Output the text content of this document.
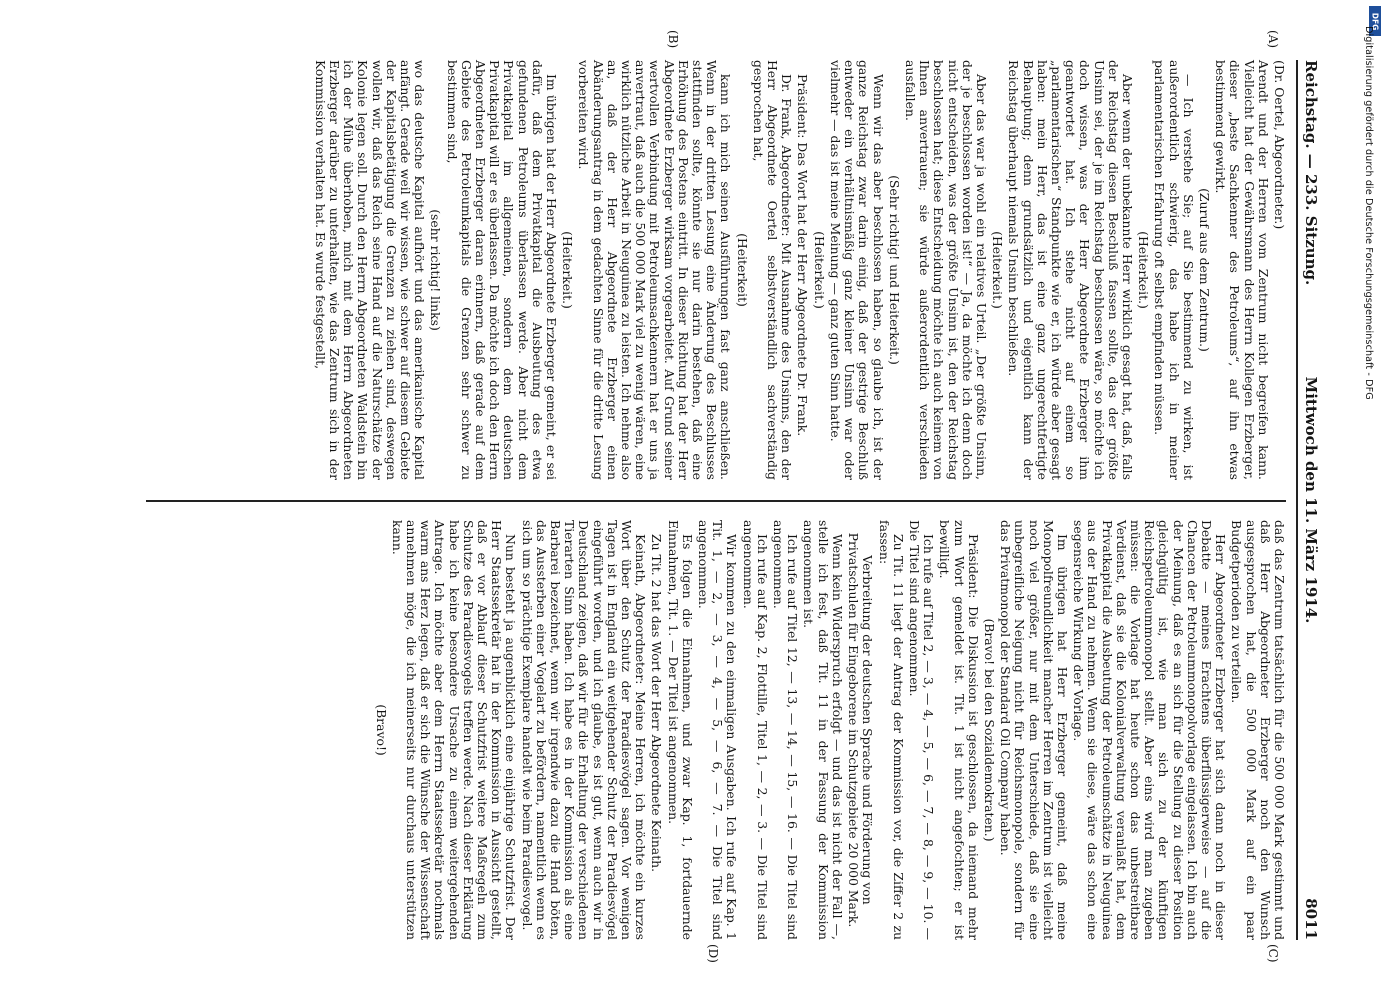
Mittwoch den 11. März 1914.
Reichstag. — 233. Sitzung.
8011
(A)
(B)
(C)
(D)
(Dr. Oertel, Abgeordneter.)
Arendt und der Herren vom Zentrum nicht begreifen kann. Vielleicht hat der Gewährsmann des Herrn Kollegen Erzberger, dieser „beste Sachkenner des Petroleums“, auf ihn etwas bestimmend gewirkt.
(Zuruf aus dem Zentrum.)
— Ich verstehe Sie; auf Sie bestimmend zu wirken, ist außerordentlich schwierig, das habe ich in meiner parlamentarischen Erfahrung oft selbst empfinden müssen.
(Heiterkeit.)
Aber wenn der unbekannte Herr wirklich gesagt hat, daß, falls der Reichstag diesen Beschluß fassen sollte, das der größte Unsinn sei, der je im Reichstag beschlossen wäre, so möchte ich doch wissen, was der Herr Abgeordnete Erzberger ihm geantwortet hat. Ich stehe nicht auf einem so „parlamentarischen“ Standpunkte wie er, ich würde aber gesagt haben: mein Herr, das ist eine ganz ungerechtfertigte Behauptung; denn grundsätzlich und eigentlich kann der Reichstag überhaupt niemals Unsinn beschließen.
(Heiterkeit.)
Aber das war ja wohl ein relatives Urteil. „Der größte Unsinn, der je beschlossen worden ist!“ — Ja, da möchte ich denn doch nicht entscheiden, was der größte Unsinn ist, den der Reichstag beschlossen hat; diese Entscheidung möchte ich auch keinem von Ihnen anvertrauen; sie würde außerordentlich verschieden ausfallen.
(Sehr richtig! und Heiterkeit.)
Wenn wir das aber beschlossen haben, so glaube ich, ist der ganze Reichstag zwar darin einig, daß der gestrige Beschluß entweder ein verhältnismäßig ganz kleiner Unsinn war oder vielmehr — das ist meine Meinung — ganz guten Sinn hatte.
(Heiterkeit.)
Präsident: Das Wort hat der Herr Abgeordnete Dr. Frank.
Dr. Frank, Abgeordneter: Mit Ausnahme des Unsinns, den der Herr Abgeordnete Oertel selbstverständlich sachverständig gesprochen hat,
(Heiterkeit)
kann ich mich seinen Ausführungen fast ganz anschließen. Wenn in der dritten Lesung eine Änderung des Beschlusses stattfinden sollte, könnte sie nur darin bestehen, daß eine Erhöhung des Postens eintritt. In dieser Richtung hat der Herr Abgeordnete Erzberger wirksam vorgearbeitet. Auf Grund seiner wertvollen Verbindung mit Petroleumsachkennern hat er uns ja anvertraut, daß auch die 500 000 Mark viel zu wenig wären, eine wirklich nützliche Arbeit in Neuguinea zu leisten. Ich nehme also an, daß der Herr Abgeordnete Erzberger einen Abänderungsantrag in dem gedachten Sinne für die dritte Lesung vorbereiten wird.
(Heiterkeit.)
Im übrigen hat der Herr Abgeordnete Erzberger gemeint, er sei dafür, daß dem Privatkapital die Ausbeutung des etwa gefundenen Petroleums überlassen werde. Aber nicht dem Privatkapital im allgemeinen, sondern dem deutschen Privatkapital will er es überlassen. Da möchte ich doch den Herrn Abgeordneten Erzberger daran erinnern, daß gerade auf dem Gebiete des Petroleumkapitals die Grenzen sehr schwer zu bestimmen sind,
(sehr richtig! links)
wo das deutsche Kapital aufhört und das amerikanische Kapital anfängt. Gerade weil wir wissen, wie schwer auf diesem Gebiete der Kapitalsbetätigung die Grenzen zu ziehen sind, deswegen wollen wir, daß das Reich seine Hand auf die Naturschätze der Kolonie legen soll. Durch den Herrn Abgeordneten Waldstein bin ich der Mühe überhoben, mich mit dem Herrn Abgeordneten Erzberger darüber zu unterhalten, wie das Zentrum sich in der Kommission verhalten hat. Es wurde festgestellt,
daß das Zentrum tatsächlich für die 500 000 Mark gestimmt und daß Herr Abgeordneter Erzberger noch den Wunsch ausgesprochen hat, die 500 000 Mark auf ein paar Budgetperioden zu verteilen.
Herr Abgeordneter Erzberger hat sich dann noch in dieser Debatte — meines Erachtens überflüssigerweise — auf die Chancen der Petroleummonopolvorlage eingelassen. Ich bin auch der Meinung, daß es an sich für die Stellung zu dieser Position gleichgültig ist, wie man sich zu der künftigen Reichspetroleummonopol stellt. Aber eins wird man zugeben müssen: die Vorlage hat heute schon das unbestreitbare Verdienst, daß sie die Kolonialverwaltung veranlaßt hat, dem Privatkapital die Ausbeutung der Petroleumschätze in Neuguinea aus der Hand zu nehmen. Wenn sie diese, wäre das schon eine segensreiche Wirkung der Vorlage.
Im übrigen hat Herr Erzberger gemeint, daß meine Monopolfreundlichkeit mancher Herren im Zentrum ist vielleicht noch viel größer, nur mit dem Unterschiede, daß sie eine unbegreifliche Neigung nicht für Reichsmonopole, sondern für das Privatmonopol der Standard Oil Company haben.
(Bravo! bei den Sozialdemokraten.)
Präsident: Die Diskussion ist geschlossen, da niemand mehr zum Wort gemeldet ist. Tit. 1 ist nicht angefochten; er ist bewilligt.
Ich rufe auf Titel 2, — 3, — 4, — 5, — 6, — 7, — 8, — 9, — 10. — Die Titel sind angenommen.
Zu Tit. 11 liegt der Antrag der Kommission vor, die Ziffer 2 zu fassen:
Verbreitung der deutschen Sprache und Förderung von Privatschulen für Eingeborene im Schutzgebiete 20 000 Mark.
Wenn kein Widerspruch erfolgt — und das ist nicht der Fall —, stelle ich fest, daß Tit. 11 in der Fassung der Kommission angenommen ist.
Ich rufe auf Titel 12, — 13, — 14, — 15, — 16. — Die Titel sind angenommen.
Ich rufe auf Kap. 2, Flottille, Titel 1, — 2, — 3. — Die Titel sind angenommen.
Wir kommen zu den einmaligen Ausgaben. Ich rufe auf Kap. 1 Tit. 1, — 2, — 3, — 4, — 5, — 6, — 7. — Die Titel sind angenommen.
Es folgen die Einnahmen, und zwar Kap. 1, fortdauernde Einnahmen, Tit. 1. — Der Titel ist angenommen.
Zu Tit. 2 hat das Wort der Herr Abgeordnete Keinath.
Keinath, Abgeordneter: Meine Herren, ich möchte ein kurzes Wort über den Schutz der Paradiesvögel sagen. Vor wenigen Tagen ist in England ein weitgehender Schutz der Paradiesvögel eingeführt worden, und ich glaube, es ist gut, wenn auch wir in Deutschland zeigen, daß wir für die Erhaltung der verschiedenen Tierarten Sinn haben. Ich habe es in der Kommission als eine Barbarei bezeichnet, wenn wir irgendwie dazu die Hand böten, das Aussterben einer Vogelart zu befördern, namentlich wenn es sich um so prächtige Exemplare handelt wie beim Paradiesvogel.
Nun besteht ja augenblicklich eine einjährige Schutzfrist. Der Herr Staatssekretär hat in der Kommission in Aussicht gestellt, daß er vor Ablauf dieser Schutzfrist weitere Maßregeln zum Schutze des Paradiesvogels treffen werde. Nach dieser Erklärung habe ich keine besondere Ursache zu einem weitergehenden Antrage. Ich möchte aber dem Herrn Staatssekretär nochmals warm ans Herz legen, daß er sich die Wünsche der Wissenschaft annehmen möge, die ich meinerseits nur durchaus unterstützen kann.
(Bravo!)
DFG
Digitalisierung gefördert durch die Deutsche Forschungsgemeinschaft - DFG
